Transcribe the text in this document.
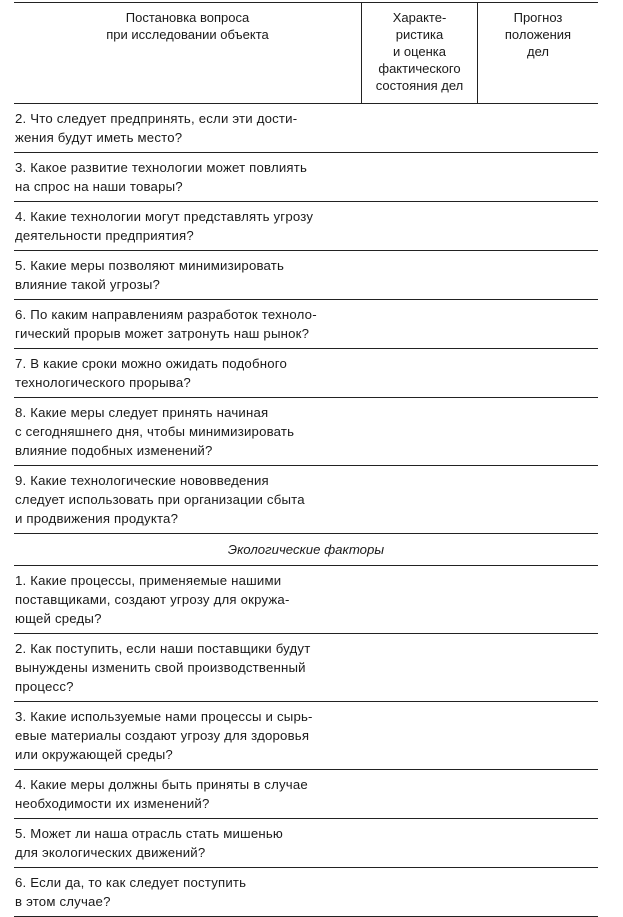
Постановка вопроса
при исследовании объекта
Характе-
ристика
и оценка
фактического
состояния дел
Прогноз
положения
дел
2. Что следует предпринять, если эти дости-
жения будут иметь место?
3. Какое развитие технологии может повлиять
на спрос на наши товары?
4. Какие технологии могут представлять угрозу
деятельности предприятия?
5. Какие меры позволяют минимизировать
влияние такой угрозы?
6. По каким направлениям разработок техноло-
гический прорыв может затронуть наш рынок?
7. В какие сроки можно ожидать подобного
технологического прорыва?
8. Какие меры следует принять начиная
с сегодняшнего дня, чтобы минимизировать
влияние подобных изменений?
9. Какие технологические нововведения
следует использовать при организации сбыта
и продвижения продукта?
Экологические факторы
1. Какие процессы, применяемые нашими
поставщиками, создают угрозу для окружа-
ющей среды?
2. Как поступить, если наши поставщики будут
вынуждены изменить свой производственный
процесс?
3. Какие используемые нами процессы и сырь-
евые материалы создают угрозу для здоровья
или окружающей среды?
4. Какие меры должны быть приняты в случае
необходимости их изменений?
5. Может ли наша отрасль стать мишенью
для экологических движений?
6. Если да, то как следует поступить
в этом случае?
